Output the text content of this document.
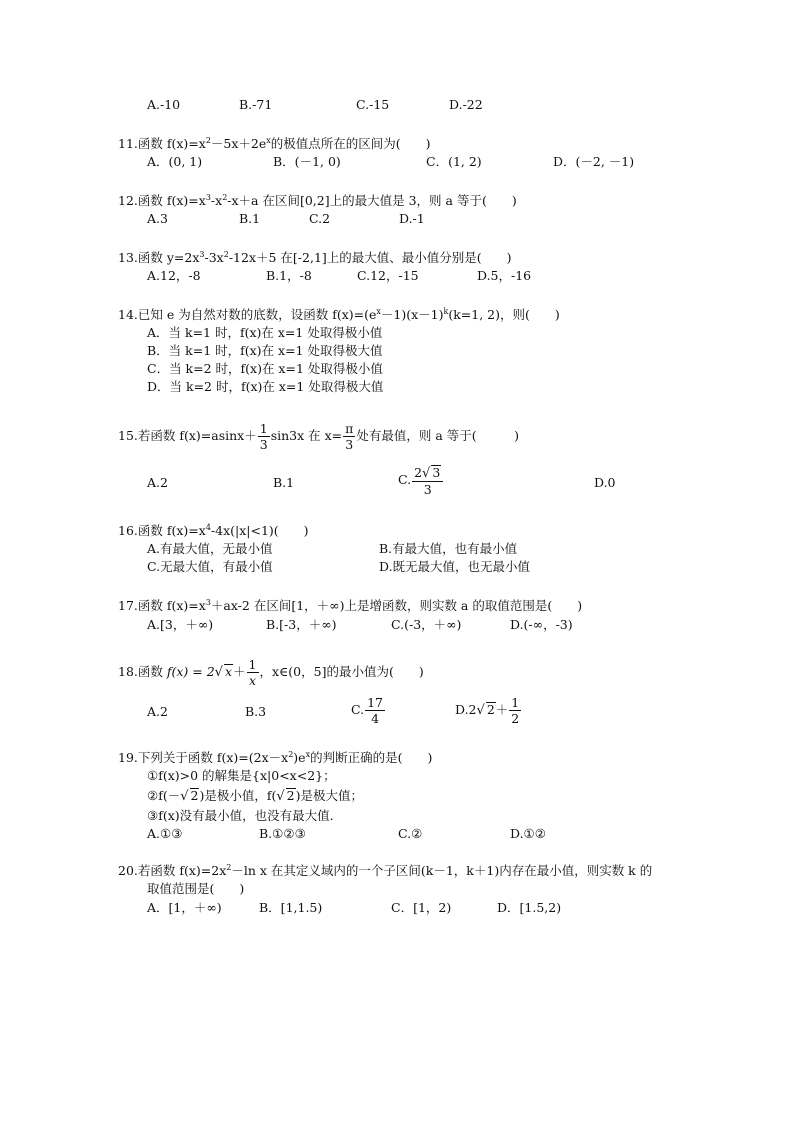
A.-10	B.-71	C.-15	D.-22
11.函数 $f(x)=x^2-5x+2e^x$的极值点所在的区间为(　　)
A．(0, 1)	B．(－1, 0)	C．(1, 2)	D．(－2, －1)
12.函数 $f(x)=x^3-x^2-x+a$ 在区间[0,2]上的最大值是 3，则 a 等于(　　)
A.3	B.1	C.2	D.-1
13.函数 $y=2x^3-3x^2-12x+5$ 在[-2,1]上的最大值、最小值分别是(　　)
A.12，-8	B.1，-8	C.12，-15	D.5，-16
14.已知 e 为自然对数的底数，设函数 $f(x)=(e^x-1)(x-1)^k(k=1$, 2)，则(　　)
A．当 k=1 时，f(x)在 x=1 处取得极小值
B．当 k=1 时，f(x)在 x=1 处取得极大值
C．当 k=2 时，f(x)在 x=1 处取得极小值
D．当 k=2 时，f(x)在 x=1 处取得极大值
15.若函数 $f(x)=asinx+ \frac{1}{3} \sin 3x$ 在 $x= \frac{\pi}{3}$ 处有最值，则 a 等于(　　　)
A.2	B.1	C. $\frac{2√ 3}{3}$	D.0
16.函数 $f(x)=x^4-4x(|x|<1)$(　　)
A.有最大值，无最小值	B.有最大值，也有最小值
C.无最大值，有最小值	D.既无最大值，也无最小值
17.函数 $f(x)=x^3+ax-2$ 在区间[1，＋∞)上是增函数，则实数 a 的取值范围是(　　)
A.[3，＋∞)	B.[-3，＋∞)	C.(-3，＋∞)	D.(-∞，-3)
18.函数 f(x) = 2√ $x+ \frac{1}{x}$ ，x∈(0，5]的最小值为(　　)
A.2	B.3	C. $\frac{17}{4}$	D.2√ $2+ \frac{1}{2}$
19.下列关于函数 $f(x)=(2x-x^2)e^x$的判断正确的是(　　)
①f(x)>0 的解集是{x|0<x<2}；
②f(－√ 2)是极小值，f(√ 2)是极大值；
③f(x)没有最小值，也没有最大值.
A.①③	B.①②③	C.②	D.①②
20.若函数 $f(x)=2x^2-\ln$ x 在其定义域内的一个子区间(k－1，k＋1)内存在最小值，则实数 k 的
取值范围是(　　)
A．[1，＋∞)	B．[1,1.5)	C．[1，2)	D．[1.5,2)
